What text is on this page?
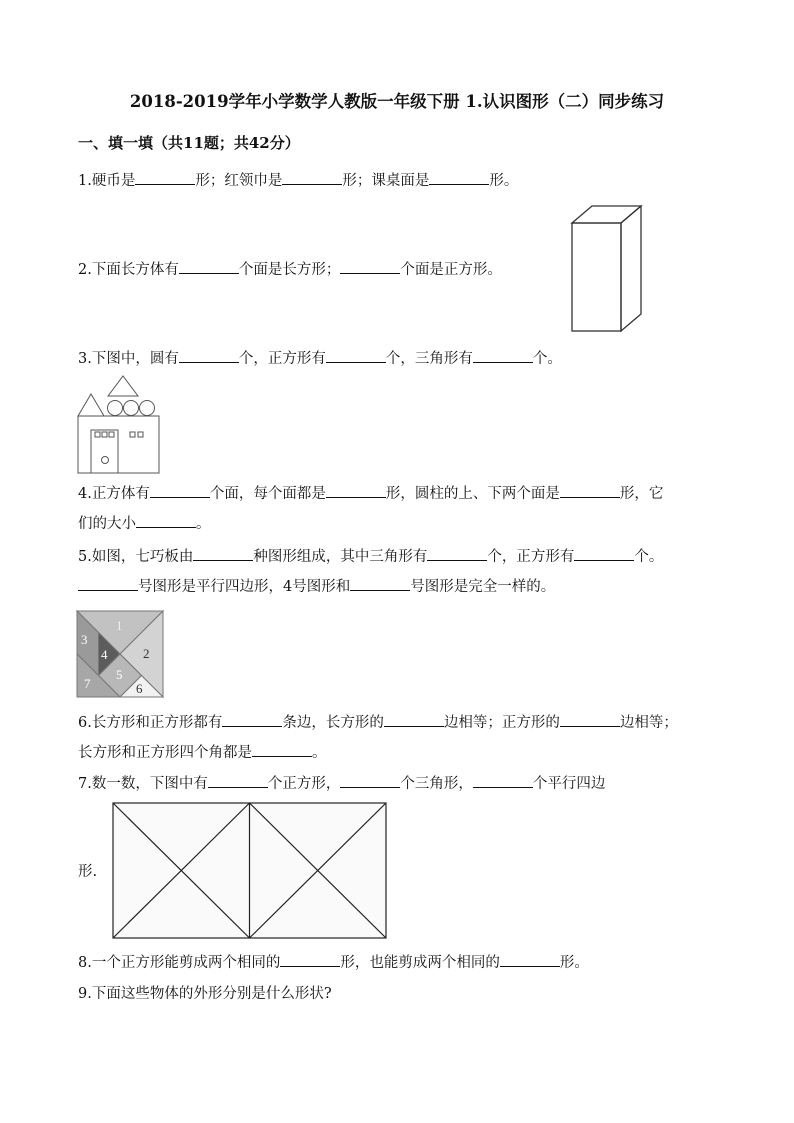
2018-2019学年小学数学人教版一年级下册 1.认识图形（二）同步练习
一、填一填（共11题；共42分）
1.硬币是	形；红领巾是	形；课桌面是	形。
2.下面长方体有	个面是长方形；	个面是正方形。
3.下图中，圆有	个，正方形有	个，三角形有	个。
4.正方体有	个面，每个面都是	形，圆柱的上、下两个面是	形，它
们的大小	。
5.如图，七巧板由	种图形组成，其中三角形有	个，正方形有	个。
号图形是平行四边形，4号图形和	号图形是完全一样的。
1
2
3
4
5
6
7
6.长方形和正方形都有	条边，长方形的	边相等；正方形的	边相等；
长方形和正方形四个角都是	。
7.数一数，下图中有	个正方形，	个三角形，	个平行四边
形.
8.一个正方形能剪成两个相同的	形，也能剪成两个相同的	形。
9.下面这些物体的外形分别是什么形状?
